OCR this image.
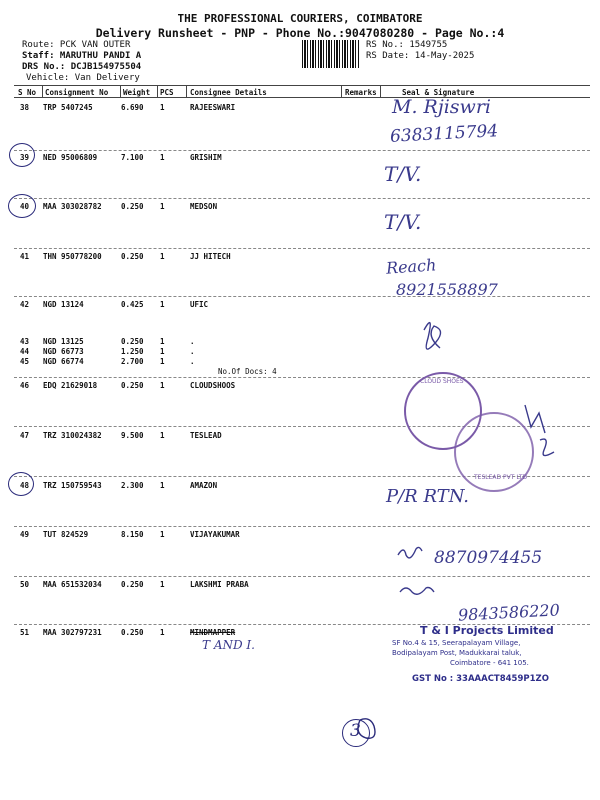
THE PROFESSIONAL COURIERS, COIMBATORE
Delivery Runsheet - PNP - Phone No.:9047080280 - Page No.:4
Route: PCK VAN OUTER
Staff: MARUTHU PANDI A
DRS No.: DCJB154975504
Vehicle: Van Delivery
RS No.: 1549755
RS Date: 14-May-2025
S No Consignment No Weight PCS Consignee Details	Remarks	Seal & Signature
38 TRP 5407245	6.690 1	RAJEESWARI
39 NED 95006809	7.100 1	GRISHIM
40 MAA 303028782	0.250 1	MEDSON
41 THN 950778200	0.250 1	JJ HITECH
42 NGD 13124	0.425 1	UFIC
43 NGD 13125	0.250 1	.
44 NGD 66773	1.250 1	.
45 NGD 66774	2.700 1	.
No.Of Docs: 4
46 EDQ 21629018	0.250 1	CLOUDSHOOS
47 TRZ 310024382	9.500 1	TESLEAD
48 TRZ 150759543	2.300 1	AMAZON
49 TUT 824529	8.150 1	VIJAYAKUMAR
50 MAA 651532034	0.250 1	LAKSHMI PRABA
51 MAA 302797231	0.250 1	MINDMAPPER
M. Rjiswri
6383115794
T/V.
T/V.
Reach
8921558897
P/R RTN.
8870974455
9843586220
T AND I.
CLOUD SHOES
TESLEAD PVT LTD
T & I Projects Limited
SF No.4 & 15, Seerapalayam Village,
Bodipalayam Post, Madukkarai taluk,
Coimbatore - 641 105.
GST No : 33AAACT8459P1ZO
3
